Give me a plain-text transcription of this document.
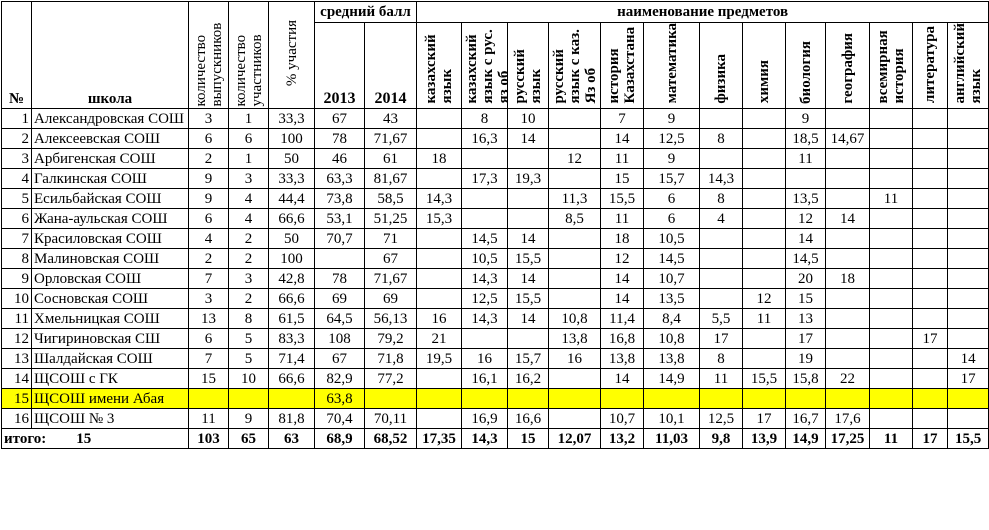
№	школа	количество выпускников	количество участников	% участия	средний балл		наименование предметов												
					2013	2014	казахский язык	казахский язык с рус. яз об	русский язык	русский язык с каз. Яз об	история Казахстана	математика	физика	химия	биология	география	всемирная история	литература	английский язык
1	Александровская СОШ	3	1	33,3	67	43		8	10		7	9			9				
2	Алексеевская СОШ	6	6	100	78	71,67		16,3	14		14	12,5	8		18,5	14,67			
3	Арбигенская СОШ	2	1	50	46	61	18			12	11	9			11				
4	Галкинская СОШ	9	3	33,3	63,3	81,67		17,3	19,3		15	15,7	14,3						
5	Есильбайская СОШ	9	4	44,4	73,8	58,5	14,3			11,3	15,5	6	8		13,5		11		
6	Жана-аульская СОШ	6	4	66,6	53,1	51,25	15,3			8,5	11	6	4		12	14			
7	Красиловская СОШ	4	2	50	70,7	71		14,5	14		18	10,5			14				
8	Малиновская СОШ	2	2	100		67		10,5	15,5		12	14,5			14,5				
9	Орловская СОШ	7	3	42,8	78	71,67		14,3	14		14	10,7			20	18			
10	Сосновская СОШ	3	2	66,6	69	69		12,5	15,5		14	13,5		12	15				
11	Хмельницкая СОШ	13	8	61,5	64,5	56,13	16	14,3	14	10,8	11,4	8,4	5,5	11	13				
12	Чигириновская СШ	6	5	83,3	108	79,2	21			13,8	16,8	10,8	17		17			17	
13	Шалдайская СОШ	7	5	71,4	67	71,8	19,5	16	15,7	16	13,8	13,8	8		19				14
14	ЩСОШ с ГК	15	10	66,6	82,9	77,2		16,1	16,2		14	14,9	11	15,5	15,8	22			17
15	ЩСОШ имени Абая				63,8														
16	ЩСОШ № 3	11	9	81,8	70,4	70,11		16,9	16,6		10,7	10,1	12,5	17	16,7	17,6			
итого: 15		103	65	63	68,9	68,52	17,35	14,3	15	12,07	13,2	11,03	9,8	13,9	14,9	17,25	11	17	15,5
